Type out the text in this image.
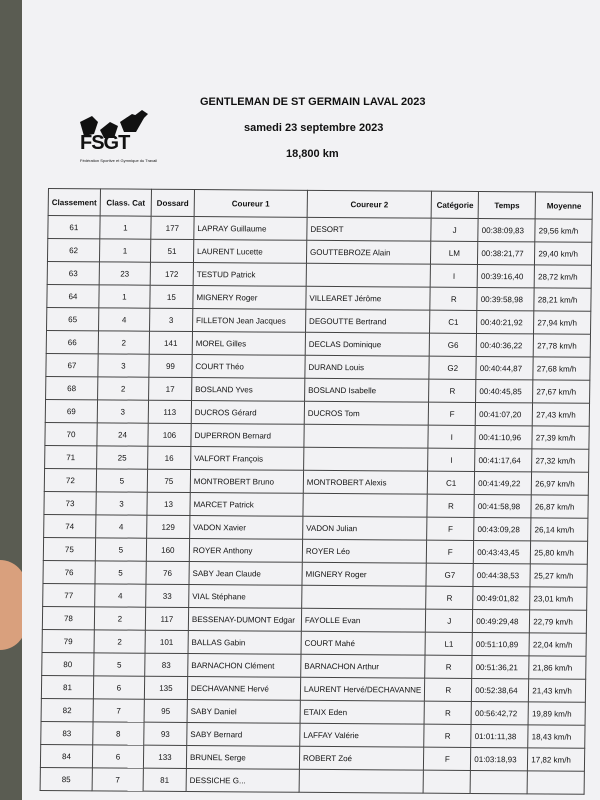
FSGT
Fédération Sportive et Gymnique du Travail
GENTLEMAN DE ST GERMAIN LAVAL 2023
samedi 23 septembre 2023
18,800 km
Classement	Class. Cat	Dossard	Coureur 1	Coureur 2	Catégorie	Temps	Moyenne
61	1	177	LAPRAY Guillaume	DESORT	J	00:38:09,83	29,56 km/h
62	1	51	LAURENT Lucette	GOUTTEBROZE Alain	LM	00:38:21,77	29,40 km/h
63	23	172	TESTUD Patrick		I	00:39:16,40	28,72 km/h
64	1	15	MIGNERY Roger	VILLEARET Jérôme	R	00:39:58,98	28,21 km/h
65	4	3	FILLETON Jean Jacques	DEGOUTTE Bertrand	C1	00:40:21,92	27,94 km/h
66	2	141	MOREL Gilles	DECLAS Dominique	G6	00:40:36,22	27,78 km/h
67	3	99	COURT Théo	DURAND Louis	G2	00:40:44,87	27,68 km/h
68	2	17	BOSLAND Yves	BOSLAND Isabelle	R	00:40:45,85	27,67 km/h
69	3	113	DUCROS Gérard	DUCROS Tom	F	00:41:07,20	27,43 km/h
70	24	106	DUPERRON Bernard		I	00:41:10,96	27,39 km/h
71	25	16	VALFORT François		I	00:41:17,64	27,32 km/h
72	5	75	MONTROBERT Bruno	MONTROBERT Alexis	C1	00:41:49,22	26,97 km/h
73	3	13	MARCET Patrick		R	00:41:58,98	26,87 km/h
74	4	129	VADON Xavier	VADON Julian	F	00:43:09,28	26,14 km/h
75	5	160	ROYER Anthony	ROYER Léo	F	00:43:43,45	25,80 km/h
76	5	76	SABY Jean Claude	MIGNERY Roger	G7	00:44:38,53	25,27 km/h
77	4	33	VIAL Stéphane		R	00:49:01,82	23,01 km/h
78	2	117	BESSENAY-DUMONT Edgar	FAYOLLE Evan	J	00:49:29,48	22,79 km/h
79	2	101	BALLAS Gabin	COURT Mahé	L1	00:51:10,89	22,04 km/h
80	5	83	BARNACHON Clément	BARNACHON Arthur	R	00:51:36,21	21,86 km/h
81	6	135	DECHAVANNE Hervé	LAURENT Hervé/DECHAVANNE	R	00:52:38,64	21,43 km/h
82	7	95	SABY Daniel	ETAIX Eden	R	00:56:42,72	19,89 km/h
83	8	93	SABY Bernard	LAFFAY Valérie	R	01:01:11,38	18,43 km/h
84	6	133	BRUNEL Serge	ROBERT Zoé	F	01:03:18,93	17,82 km/h
85	7	81	DESSICHE G...				
